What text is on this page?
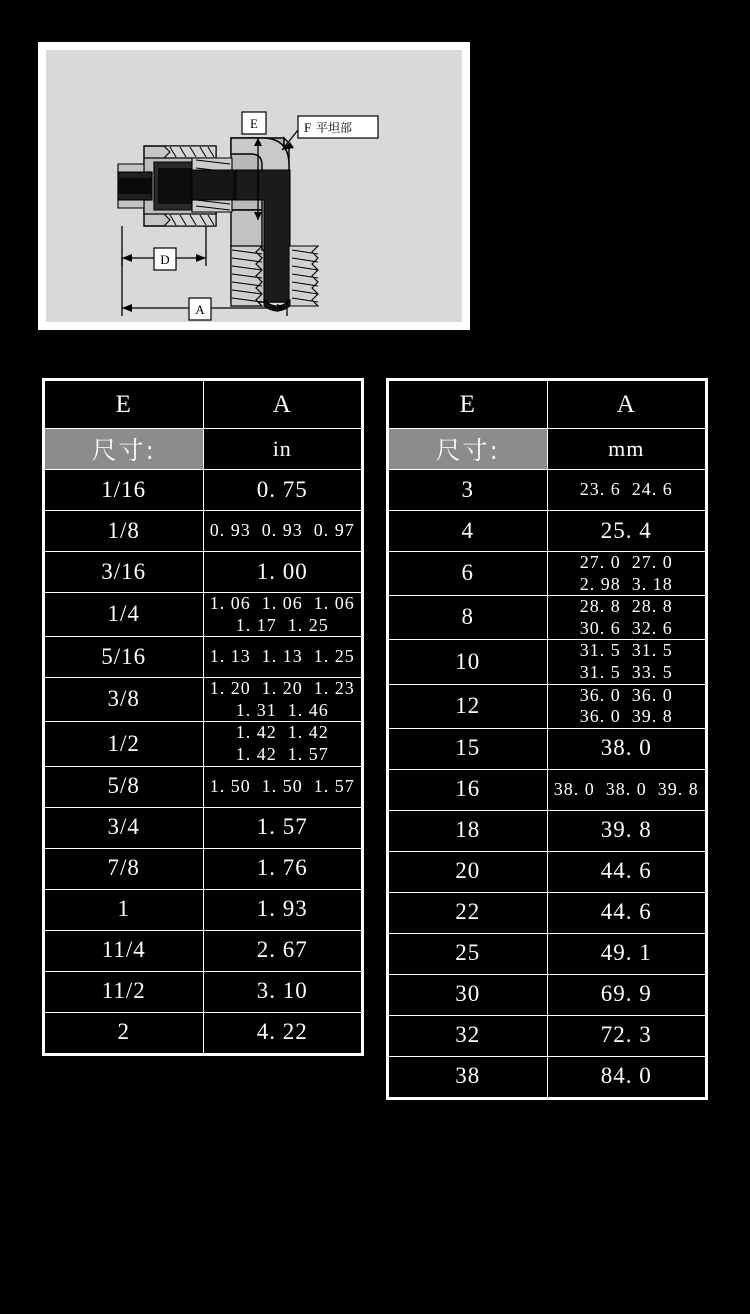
E
D
A
F 平坦部
E	A
尺寸:	in
1/16	0. 75

1/8	0. 93  0. 93  0. 97

3/16	1. 00

1/4	1. 06  1. 06  1. 06
1. 17  1. 25

5/16	1. 13  1. 13  1. 25

3/8	1. 20  1. 20  1. 23
1. 31  1. 46

1/2	1. 42  1. 42
1. 42  1. 57

5/8	1. 50  1. 50  1. 57

3/4	1. 57

7/8	1. 76

1	1. 93

11/4	2. 67

11/2	3. 10

2	4. 22
E	A
尺寸:	mm
3	23. 6  24. 6

4	25. 4

6	27. 0  27. 0
2. 98  3. 18

8	28. 8  28. 8
30. 6  32. 6

10	31. 5  31. 5
31. 5  33. 5

12	36. 0  36. 0
36. 0  39. 8

15	38. 0

16	38. 0  38. 0  39. 8

18	39. 8

20	44. 6

22	44. 6

25	49. 1

30	69. 9

32	72. 3

38	84. 0
